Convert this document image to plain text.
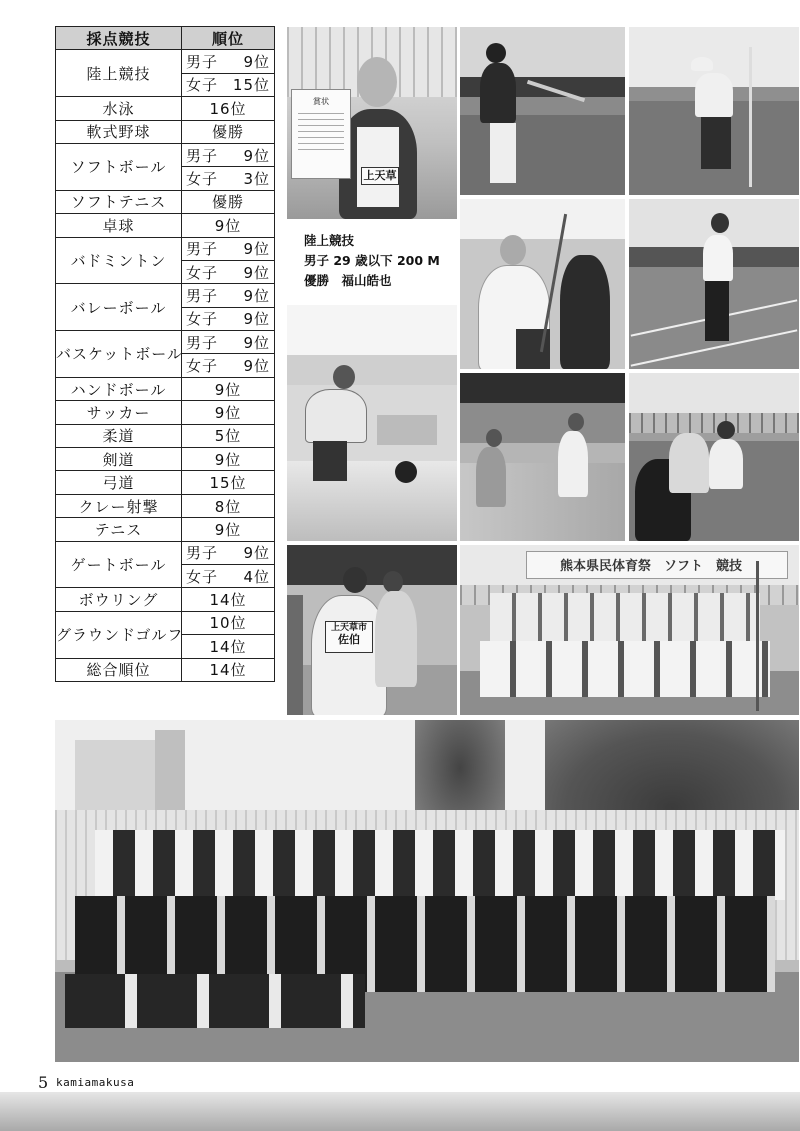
採点競技	順位
陸上競技	男子 9位
	女子 15位
水泳	16位
軟式野球	優勝
ソフトボール	男子 9位
	女子 3位
ソフトテニス	優勝
卓球	9位
バドミントン	男子 9位
	女子 9位
バレーボール	男子 9位
	女子 9位
バスケットボール	男子 9位
	女子 9位
ハンドボール	9位
サッカー	9位
柔道	5位
剣道	9位
弓道	15位
クレー射撃	8位
テニス	9位
ゲートボール	男子 9位
	女子 4位
ボウリング	14位
グラウンドゴルフ	10位
	14位
総合順位	14位
賞状
上天草
陸上競技
男子 29 歳以下 200 M
優勝　福山皓也
上天草市
佐伯
熊本県民体育祭　ソフト　競技
5 kamiamakusa
